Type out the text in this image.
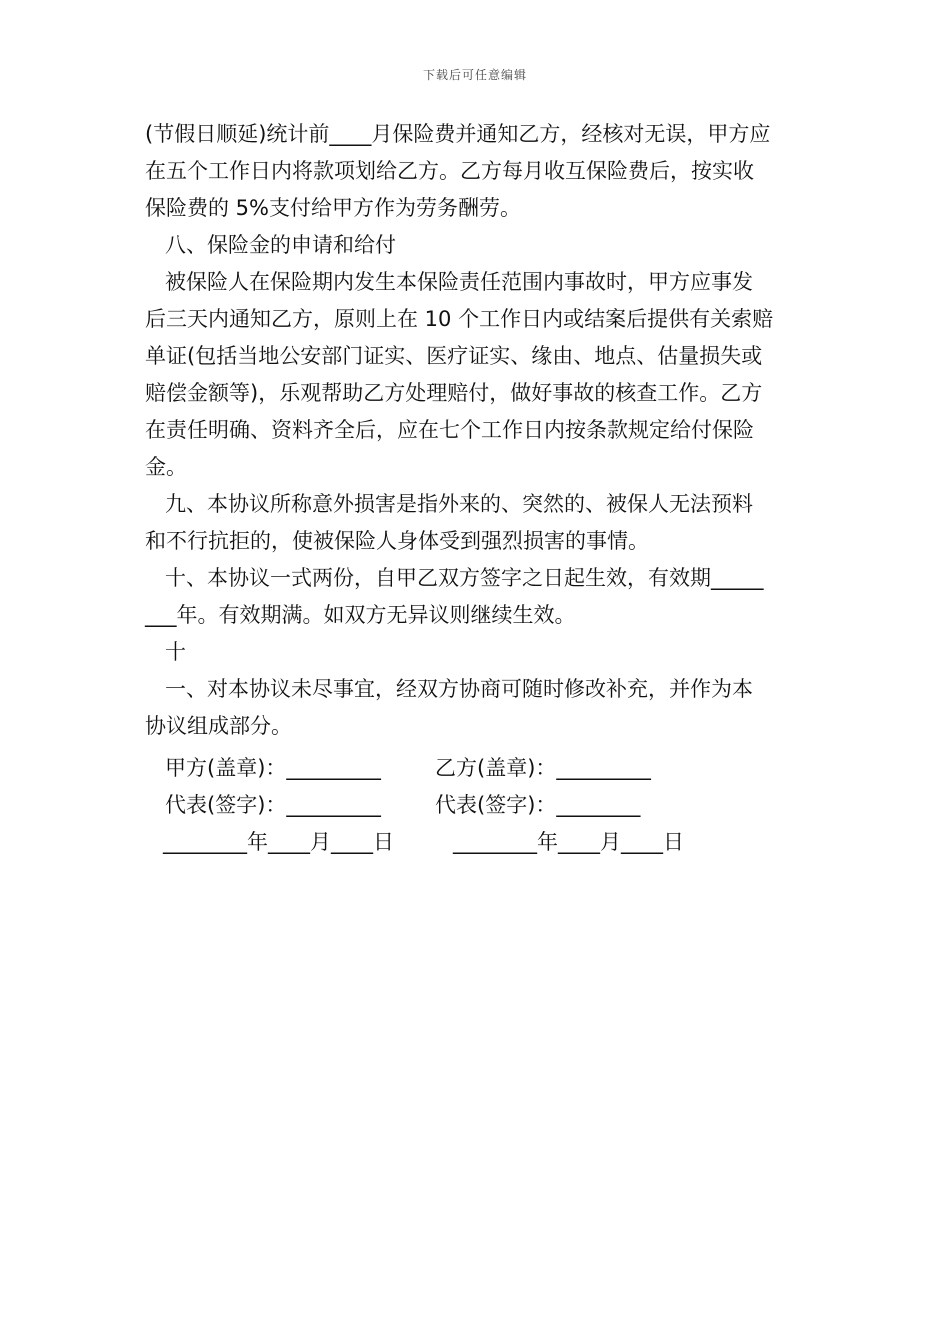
下载后可任意编辑
(节假日顺延)统计前____月保险费并通知乙方，经核对无误，甲方应
在五个工作日内将款项划给乙方。乙方每月收互保险费后，按实收
保险费的 5%支付给甲方作为劳务酬劳。
八、保险金的申请和给付
被保险人在保险期内发生本保险责任范围内事故时，甲方应事发
后三天内通知乙方，原则上在 10 个工作日内或结案后提供有关索赔
单证(包括当地公安部门证实、医疗证实、缘由、地点、估量损失或
赔偿金额等)，乐观帮助乙方处理赔付，做好事故的核查工作。乙方
在责任明确、资料齐全后，应在七个工作日内按条款规定给付保险
金。
九、本协议所称意外损害是指外来的、突然的、被保人无法预料
和不行抗拒的，使被保险人身体受到强烈损害的事情。
十、本协议一式两份，自甲乙双方签字之日起生效，有效期_____
___年。有效期满。如双方无异议则继续生效。
十
一、对本协议未尽事宜，经双方协商可随时修改补充，并作为本
协议组成部分。
甲方(盖章)：_________	乙方(盖章)：_________
代表(签字)：_________	代表(签字)：________
________年____月____日	________年____月____日
